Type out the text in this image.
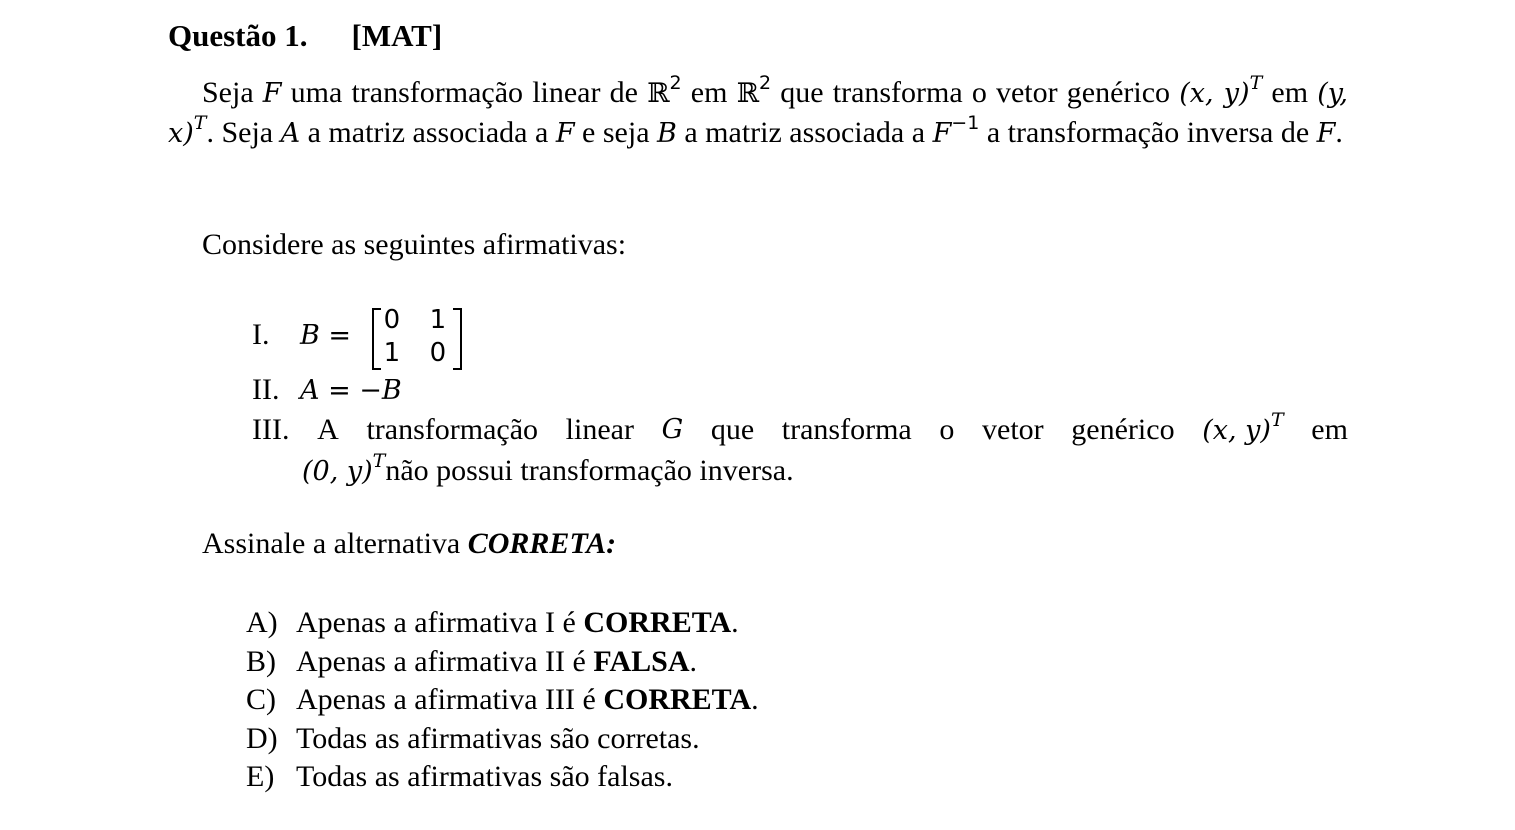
Questão 1. [MAT]
Seja F uma transformação linear de ℝ$^2$ em ℝ$^2$ que transforma o vetor genérico (x, y)$^T$ em (y, x)$^T$. Seja A a matriz associada a F e seja B a matriz associada a $F^{-1}$ a transformação inversa de F.
Considere as seguintes afirmativas:
I. B = 0 1
1 0
II. A = −B
III. A transformação linear G que transforma o vetor genérico (x, y)$^T$ em
(0, y)$^T$não possui transformação inversa.
Assinale a alternativa CORRETA:
A) Apenas a afirmativa I é CORRETA.
B) Apenas a afirmativa II é FALSA.
C) Apenas a afirmativa III é CORRETA.
D) Todas as afirmativas são corretas.
E) Todas as afirmativas são falsas.
